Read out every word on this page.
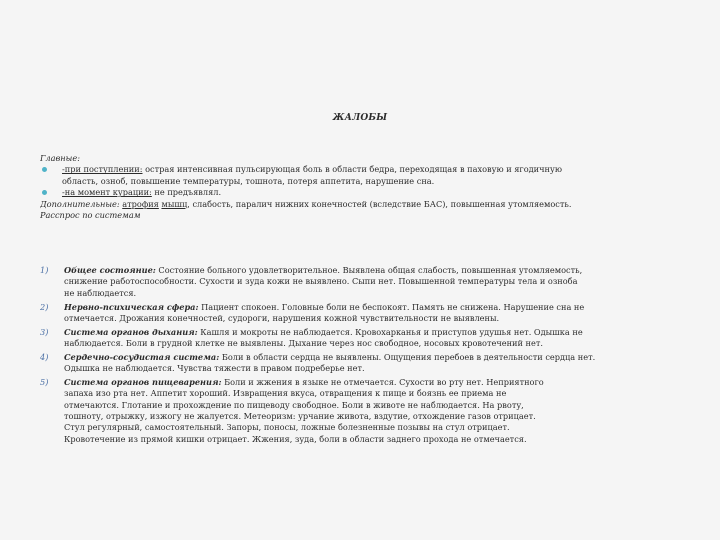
ЖАЛОБЫ
Главные:
-при поступлении: острая интенсивная пульсирующая боль в области бедра, переходящая в паховую и ягодичную
область, озноб, повышение температуры, тошнота, потеря аппетита, нарушение сна.
-на момент курации: не предъявлял.
Дополнительные: атрофия мышц, слабость, паралич нижних конечностей (вследствие БАС), повышенная утомляемость.
Расспрос по системам
1) Общее состояние: Состояние больного удовлетворительное. Выявлена общая слабость, повышенная утомляемость,
снижение работоспособности. Сухости и зуда кожи не выявлено. Сыпи нет. Повышенной температуры тела и озноба
не наблюдается.
2) Нервно-психическая сфера: Пациент спокоен. Головные боли не беспокоят. Память не снижена. Нарушение сна не
отмечается. Дрожания конечностей, судороги, нарушения кожной чувствительности не выявлены.
3) Система органов дыхания: Кашля и мокроты не наблюдается. Кровохарканья и приступов удушья нет. Одышка не
наблюдается. Боли в грудной клетке не выявлены. Дыхание через нос свободное, носовых кровотечений нет.
4) Сердечно-сосудистая система: Боли в области сердца не выявлены. Ощущения перебоев в деятельности сердца нет.
Одышка не наблюдается. Чувства тяжести в правом подреберье нет.
5) Система органов пищеварения: Боли и жжения в языке не отмечается. Сухости во рту нет. Неприятного
запаха изо рта нет. Аппетит хороший. Извращения вкуса, отвращения к пище и боязнь ее приема не
отмечаются. Глотание и прохождение по пищеводу свободное. Боли в животе не наблюдается. На рвоту,
тошноту, отрыжку, изжогу не жалуется. Метеоризм: урчание живота, вздутие, отхождение газов отрицает.
Стул регулярный, самостоятельный. Запоры, поносы, ложные болезненные позывы на стул отрицает.
Кровотечение из прямой кишки отрицает. Жжения, зуда, боли в области заднего прохода не отмечается.
